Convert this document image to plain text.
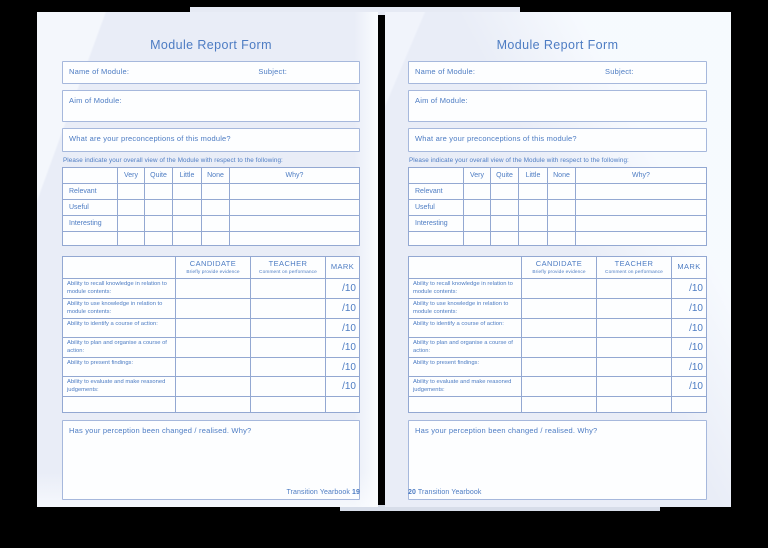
Module Report Form
Name of Module:	Subject:
Aim of Module:
What are your preconceptions of this module?

Please indicate your overall view of the Module with respect to the following:

	Very	Quite	Little	None	Why?
Relevant					
Useful					
Interesting					

CANDIDATE
Briefly provide evidence

TEACHER
Comment on performance

MARK

Ability to recall knowledge in relation to module contents:			/10
Ability to use knowledge in relation to module contents:			/10
Ability to identify a course of action:			/10
Ability to plan and organise a course of action:			/10
Ability to present findings:			/10
Ability to evaluate and make reasoned judgements:			/10

Has your perception been changed / realised. Why?
Transition Yearbook 19
Module Report Form
Name of Module:	Subject:
Aim of Module:
What are your preconceptions of this module?

Please indicate your overall view of the Module with respect to the following:

	Very	Quite	Little	None	Why?
Relevant					
Useful					
Interesting					

CANDIDATE
Briefly provide evidence

TEACHER
Comment on performance

MARK

Ability to recall knowledge in relation to module contents:			/10
Ability to use knowledge in relation to module contents:			/10
Ability to identify a course of action:			/10
Ability to plan and organise a course of action:			/10
Ability to present findings:			/10
Ability to evaluate and make reasoned judgements:			/10

Has your perception been changed / realised. Why?
20 Transition Yearbook
